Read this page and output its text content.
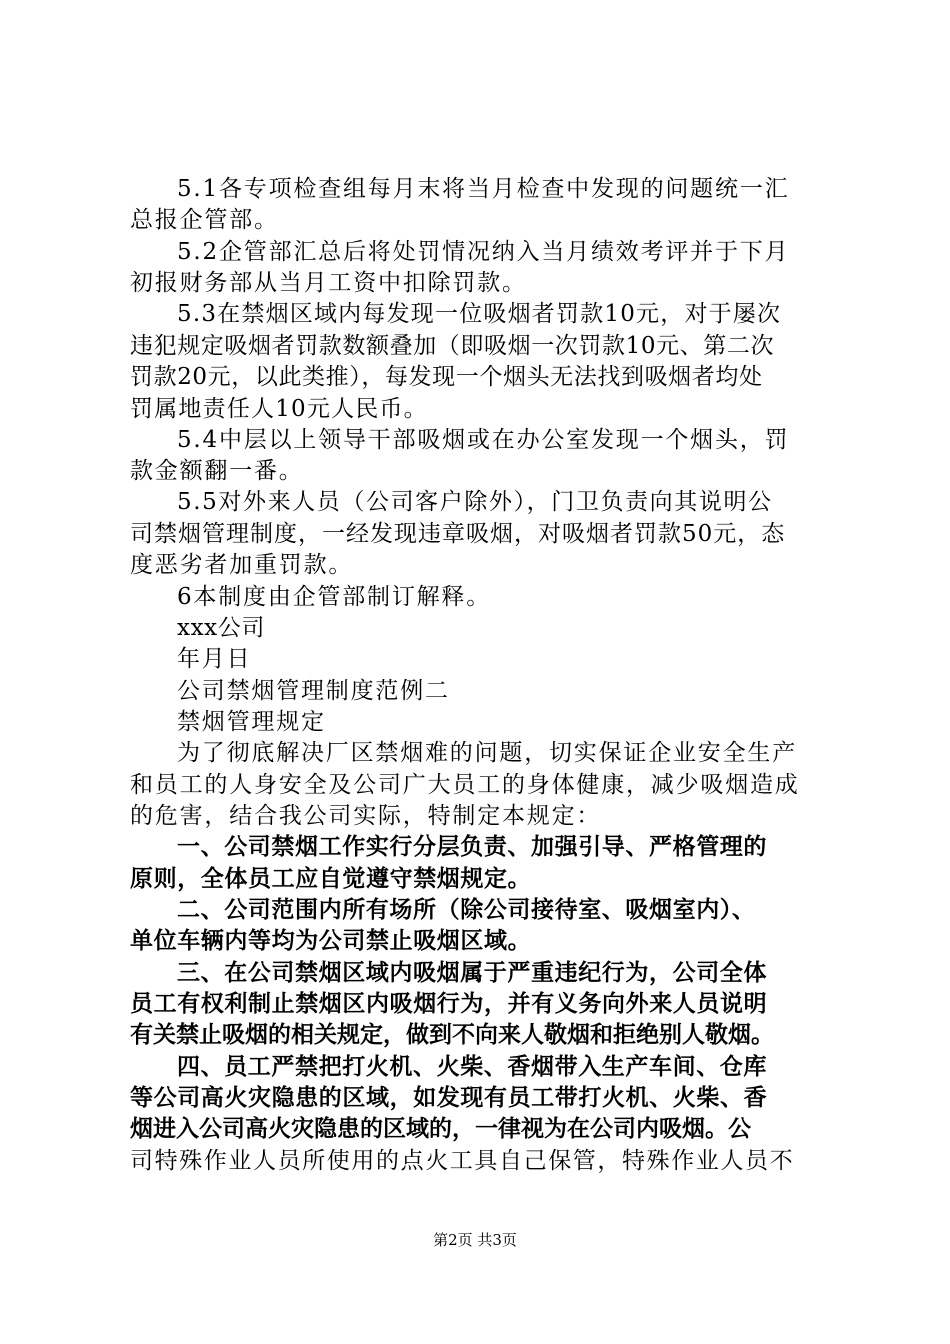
5.1各专项检查组每月末将当月检查中发现的问题统一汇
总报企管部。
5.2企管部汇总后将处罚情况纳入当月绩效考评并于下月
初报财务部从当月工资中扣除罚款。
5.3在禁烟区域内每发现一位吸烟者罚款10元，对于屡次
违犯规定吸烟者罚款数额叠加（即吸烟一次罚款10元、第二次
罚款20元，以此类推），每发现一个烟头无法找到吸烟者均处
罚属地责任人10元人民币。
5.4中层以上领导干部吸烟或在办公室发现一个烟头，罚
款金额翻一番。
5.5对外来人员（公司客户除外），门卫负责向其说明公
司禁烟管理制度，一经发现违章吸烟，对吸烟者罚款50元，态
度恶劣者加重罚款。
6本制度由企管部制订解释。
xxx公司
年月日
公司禁烟管理制度范例二
禁烟管理规定
为了彻底解决厂区禁烟难的问题，切实保证企业安全生产
和员工的人身安全及公司广大员工的身体健康，减少吸烟造成
的危害，结合我公司实际，特制定本规定：
一、公司禁烟工作实行分层负责、加强引导、严格管理的
原则，全体员工应自觉遵守禁烟规定。
二、公司范围内所有场所（除公司接待室、吸烟室内）、
单位车辆内等均为公司禁止吸烟区域。
三、在公司禁烟区域内吸烟属于严重违纪行为，公司全体
员工有权利制止禁烟区内吸烟行为，并有义务向外来人员说明
有关禁止吸烟的相关规定，做到不向来人敬烟和拒绝别人敬烟。
四、员工严禁把打火机、火柴、香烟带入生产车间、仓库
等公司高火灾隐患的区域，如发现有员工带打火机、火柴、香
烟进入公司高火灾隐患的区域的，一律视为在公司内吸烟。公
司特殊作业人员所使用的点火工具自己保管，特殊作业人员不
第2页 共3页
